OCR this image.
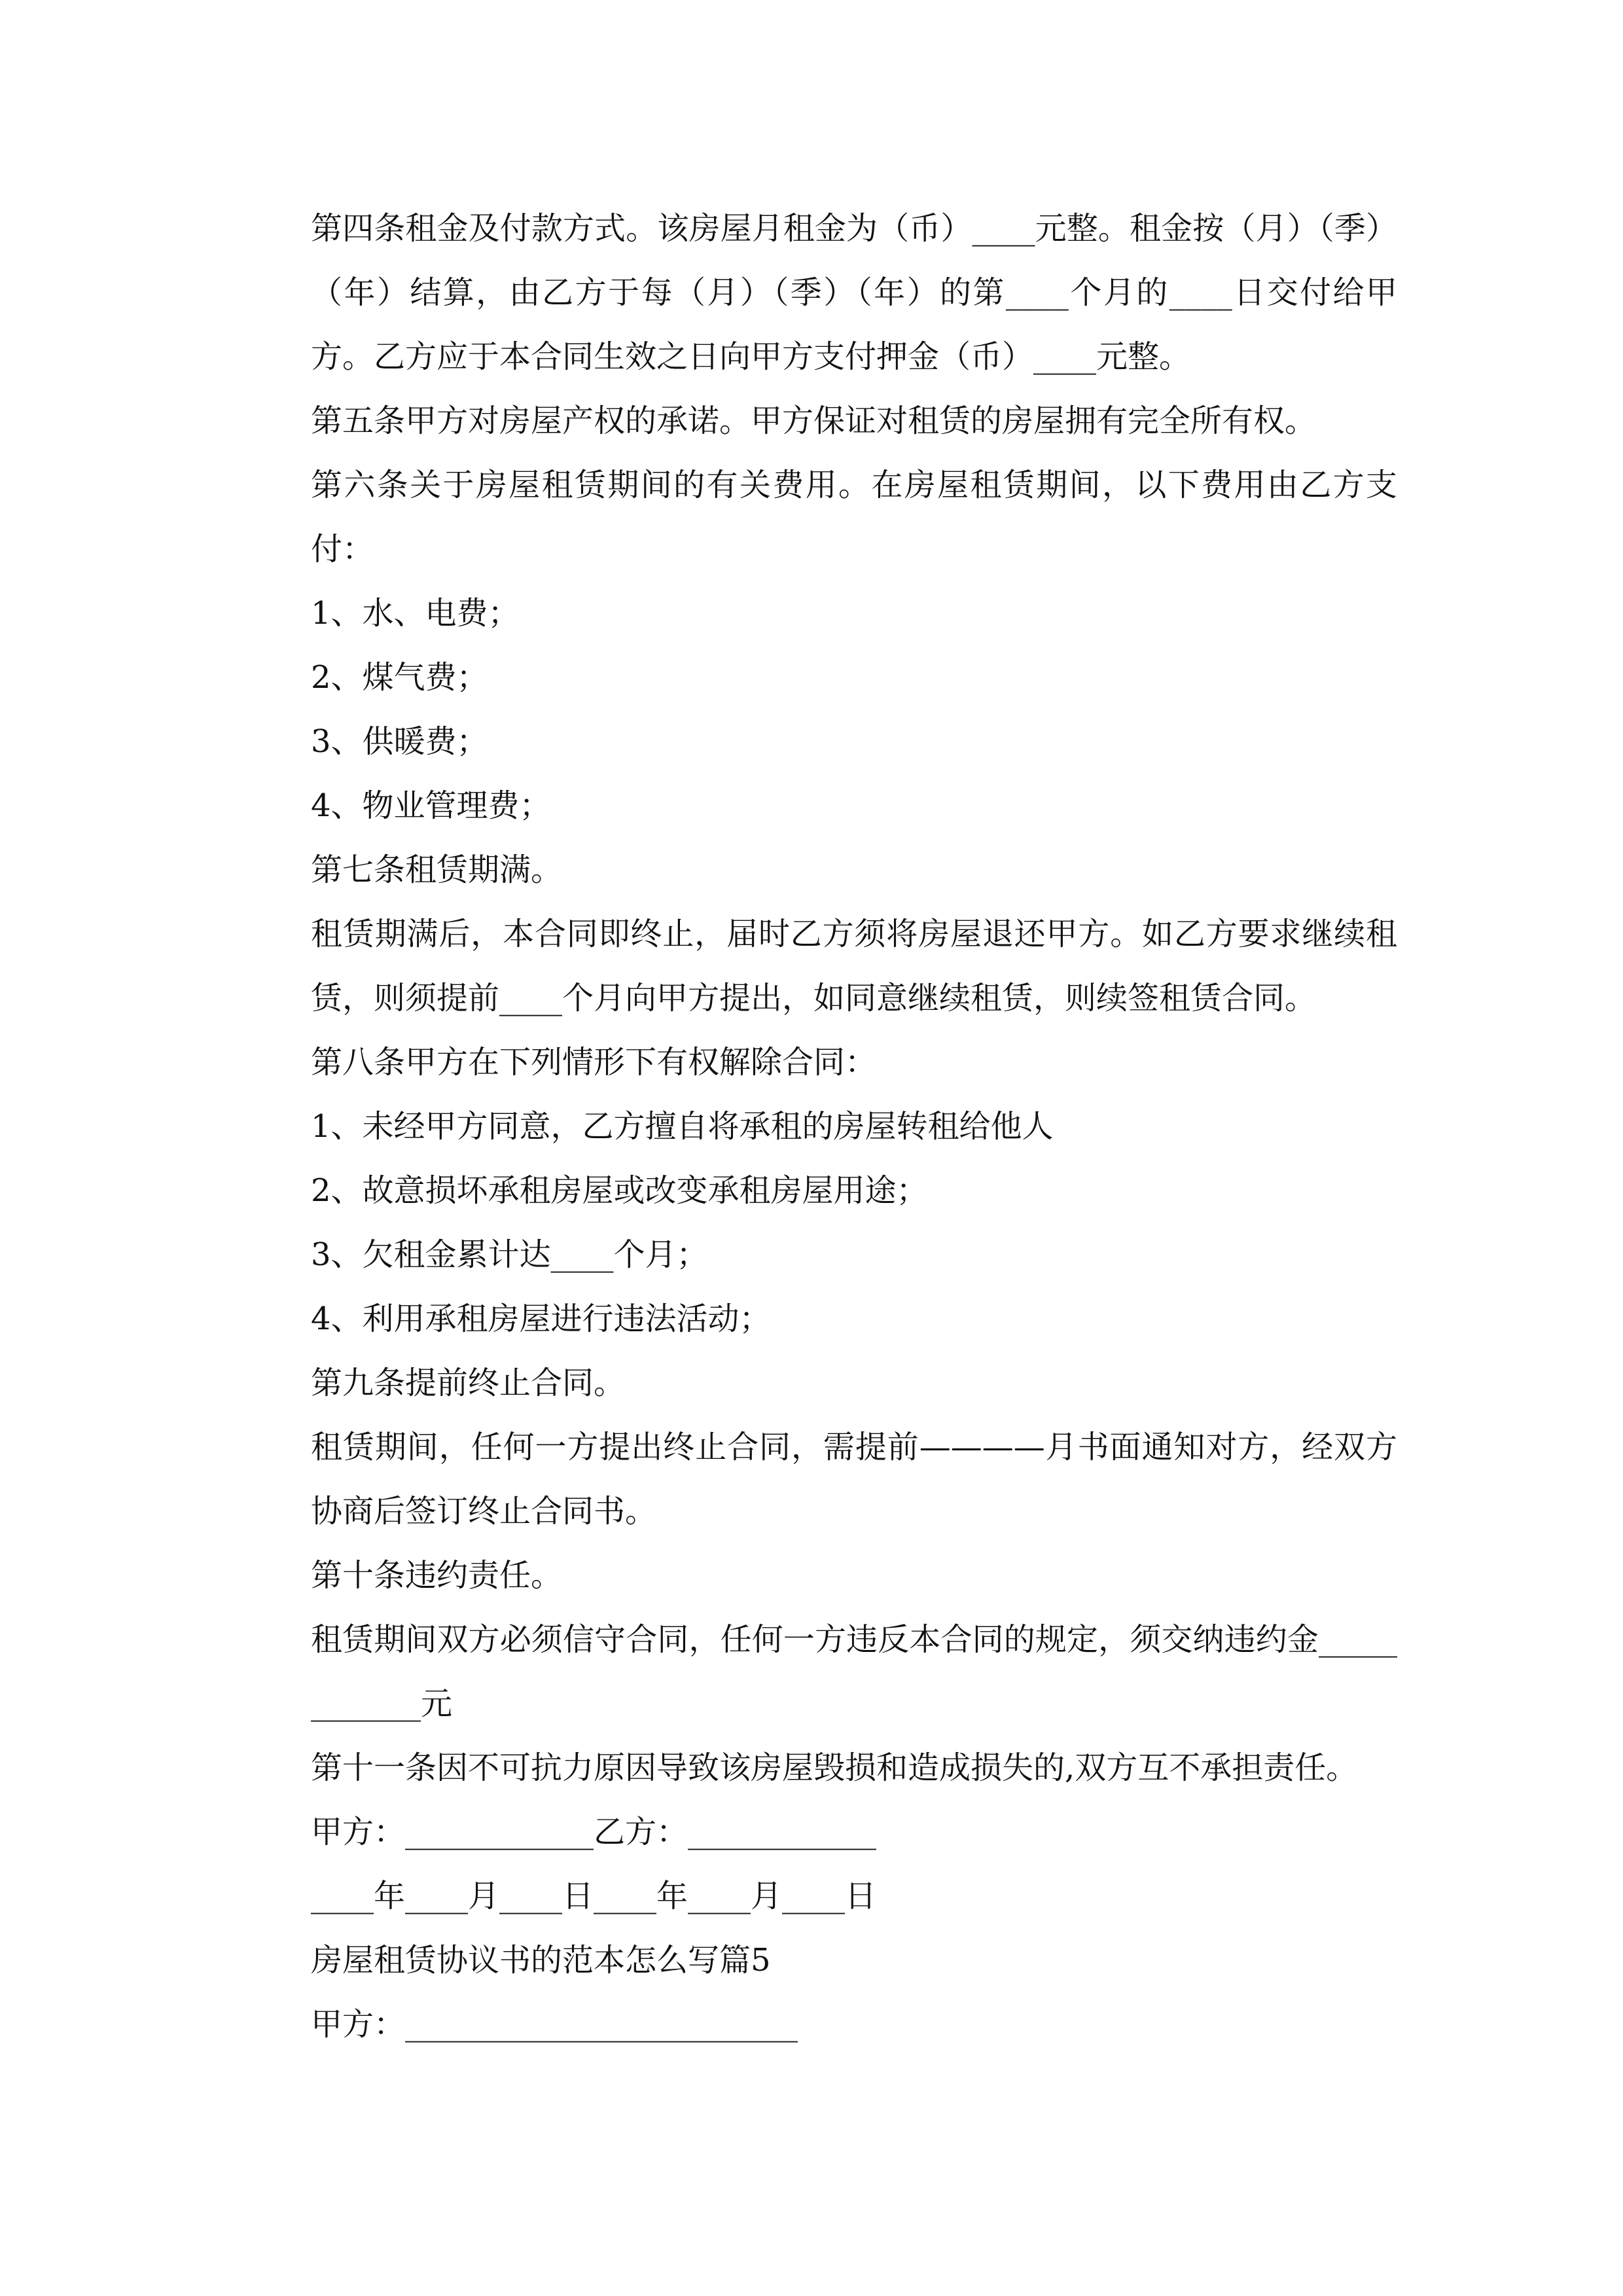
第四条租金及付款方式。该房屋月租金为（币）____元整。租金按（月）（季）（年）结算，由乙方于每（月）（季）（年）的第____个月的____日交付给甲方。乙方应于本合同生效之日向甲方支付押金（币）____元整。

第五条甲方对房屋产权的承诺。甲方保证对租赁的房屋拥有完全所有权。

第六条关于房屋租赁期间的有关费用。在房屋租赁期间，以下费用由乙方支付：

1、水、电费；

2、煤气费；

3、供暖费；

4、物业管理费；

第七条租赁期满。

租赁期满后，本合同即终止，届时乙方须将房屋退还甲方。如乙方要求继续租赁，则须提前____个月向甲方提出，如同意继续租赁，则续签租赁合同。

第八条甲方在下列情形下有权解除合同：

1、未经甲方同意，乙方擅自将承租的房屋转租给他人

2、故意损坏承租房屋或改变承租房屋用途；

3、欠租金累计达____个月；

4、利用承租房屋进行违法活动；

第九条提前终止合同。

租赁期间，任何一方提出终止合同，需提前————月书面通知对方，经双方协商后签订终止合同书。

第十条违约责任。

租赁期间双方必须信守合同，任何一方违反本合同的规定，须交纳违约金____________元

第十一条因不可抗力原因导致该房屋毁损和造成损失的,双方互不承担责任。

甲方：____________乙方：____________

____年____月____日____年____月____日

房屋租赁协议书的范本怎么写篇5

甲方：_________________________
